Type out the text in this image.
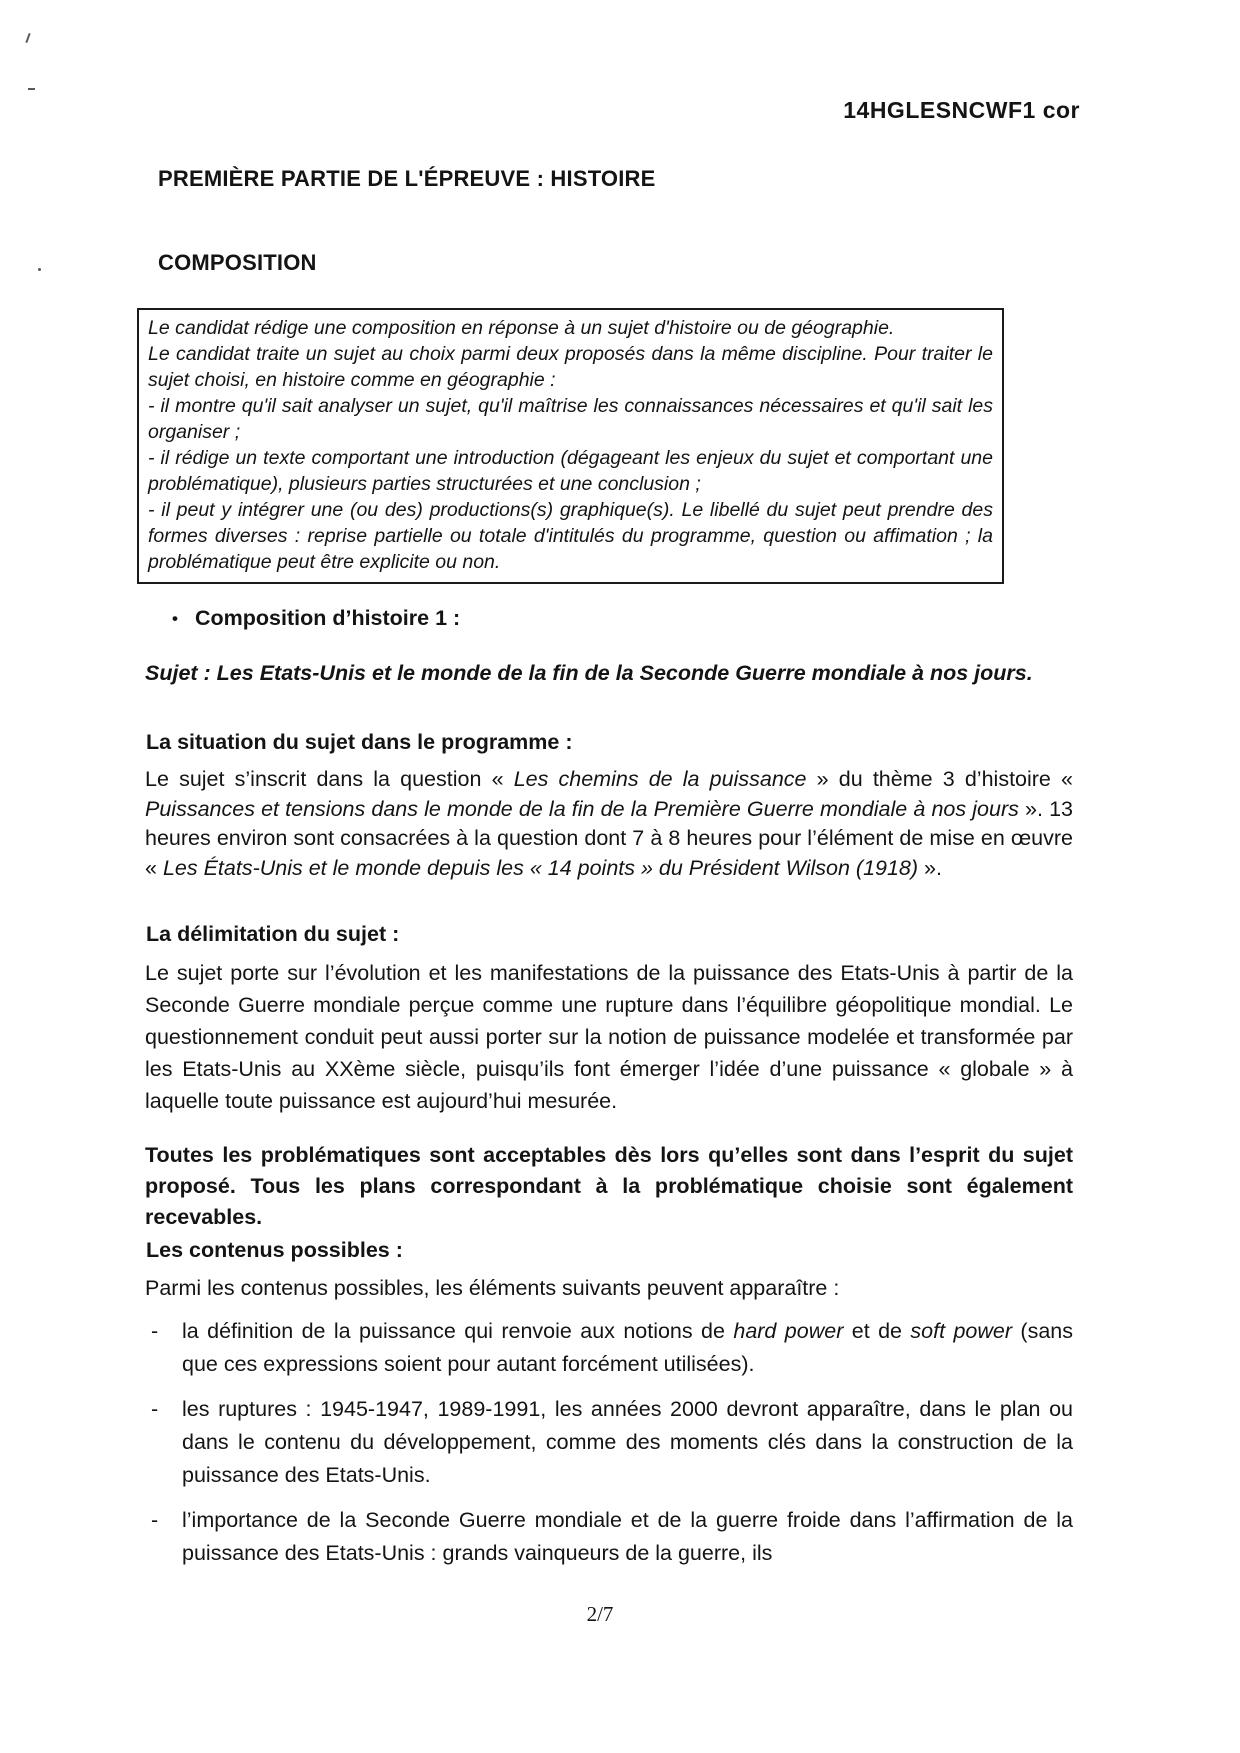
14HGLESNCWF1 cor
PREMIÈRE PARTIE DE L'ÉPREUVE : HISTOIRE
COMPOSITION

Le candidat rédige une composition en réponse à un sujet d'histoire ou de géographie.

Le candidat traite un sujet au choix parmi deux proposés dans la même discipline. Pour traiter le sujet choisi, en histoire comme en géographie :

- il montre qu'il sait analyser un sujet, qu'il maîtrise les connaissances nécessaires et qu'il sait les organiser ;

- il rédige un texte comportant une introduction (dégageant les enjeux du sujet et comportant une problématique), plusieurs parties structurées et une conclusion ;

- il peut y intégrer une (ou des) productions(s) graphique(s). Le libellé du sujet peut prendre des formes diverses : reprise partielle ou totale d'intitulés du programme, question ou affimation ; la problématique peut être explicite ou non.

• Composition d’histoire 1 :

Sujet : Les Etats-Unis et le monde de la fin de la Seconde Guerre mondiale à nos jours.

La situation du sujet dans le programme :

Le sujet s’inscrit dans la question « Les chemins de la puissance » du thème 3 d’histoire « Puissances et tensions dans le monde de la fin de la Première Guerre mondiale à nos jours ». 13 heures environ sont consacrées à la question dont 7 à 8 heures pour l’élément de mise en œuvre « Les États-Unis et le monde depuis les « 14 points » du Président Wilson (1918) ».

La délimitation du sujet :

Le sujet porte sur l’évolution et les manifestations de la puissance des Etats-Unis à partir de la Seconde Guerre mondiale perçue comme une rupture dans l’équilibre géopolitique mondial. Le questionnement conduit peut aussi porter sur la notion de puissance modelée et transformée par les Etats-Unis au XXème siècle, puisqu’ils font émerger l’idée d’une puissance « globale » à laquelle toute puissance est aujourd’hui mesurée.

Toutes les problématiques sont acceptables dès lors qu’elles sont dans l’esprit du sujet proposé. Tous les plans correspondant à la problématique choisie sont également recevables.

Les contenus possibles :

Parmi les contenus possibles, les éléments suivants peuvent apparaître :

- la définition de la puissance qui renvoie aux notions de hard power et de soft power (sans que ces expressions soient pour autant forcément utilisées).
- les ruptures : 1945-1947, 1989-1991, les années 2000 devront apparaître, dans le plan ou dans le contenu du développement, comme des moments clés dans la construction de la puissance des Etats-Unis.
- l’importance de la Seconde Guerre mondiale et de la guerre froide dans l’affirmation de la puissance des Etats-Unis : grands vainqueurs de la guerre, ils
2/7
